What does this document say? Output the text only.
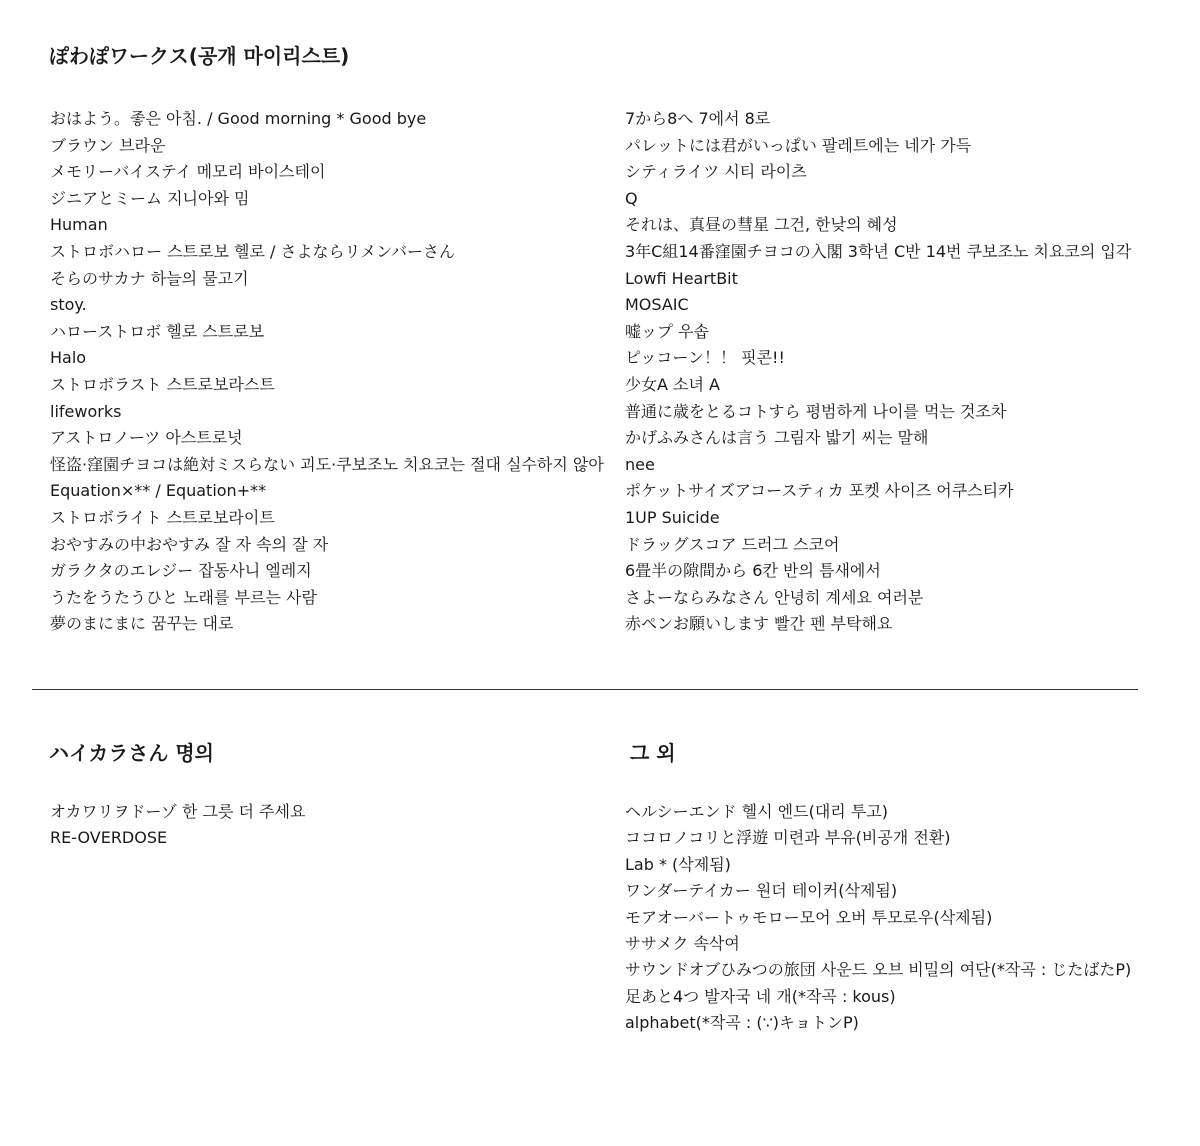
ぽわぽワークス(공개 마이리스트)
おはよう。좋은 아침. / Good morning * Good bye
ブラウン 브라운
メモリーバイステイ 메모리 바이스테이
ジニアとミーム 지니아와 밈
Human
ストロボハロー 스트로보 헬로 / さよならリメンバーさん
そらのサカナ 하늘의 물고기
stoy.
ハローストロボ 헬로 스트로보
Halo
ストロボラスト 스트로보라스트
lifeworks
アストロノーツ 아스트로넛
怪盗·窪園チヨコは絶対ミスらない 괴도·쿠보조노 치요코는 절대 실수하지 않아
Equation×** / Equation+**
ストロボライト 스트로보라이트
おやすみの中おやすみ 잘 자 속의 잘 자
ガラクタのエレジー 잡동사니 엘레지
うたをうたうひと 노래를 부르는 사람
夢のまにまに 꿈꾸는 대로
7から8へ 7에서 8로
パレットには君がいっぱい 팔레트에는 네가 가득
シティライツ 시티 라이츠
Q
それは、真昼の彗星 그건, 한낮의 혜성
3年C組14番窪園チヨコの入閣 3학년 C반 14번 쿠보조노 치요코의 입각
Lowfi HeartBit
MOSAIC
嘘ップ 우솝
ピッコーン！！ 핏콘!!
少女A 소녀 A
普通に歳をとるコトすら 평범하게 나이를 먹는 것조차
かげふみさんは言う 그림자 밟기 씨는 말해
nee
ポケットサイズアコースティカ 포켓 사이즈 어쿠스티카
1UP Suicide
ドラッグスコア 드러그 스코어
6畳半の隙間から 6칸 반의 틈새에서
さよーならみなさん 안녕히 계세요 여러분
赤ペンお願いします 빨간 펜 부탁해요
ハイカラさん 명의
オカワリヲドーゾ 한 그릇 더 주세요
RE-OVERDOSE
그 외
ヘルシーエンド 헬시 엔드(대리 투고)
ココロノコリと浮遊 미련과 부유(비공개 전환)
Lab * (삭제됨)
ワンダーテイカー 원더 테이커(삭제됨)
モアオーバートゥモロー모어 오버 투모로우(삭제됨)
ササメク 속삭여
サウンドオブひみつの旅団 사운드 오브 비밀의 여단(*작곡 : じたばたP)
足あと4つ 발자국 네 개(*작곡 : kous)
alphabet(*작곡 : (∵)キョトンP)
